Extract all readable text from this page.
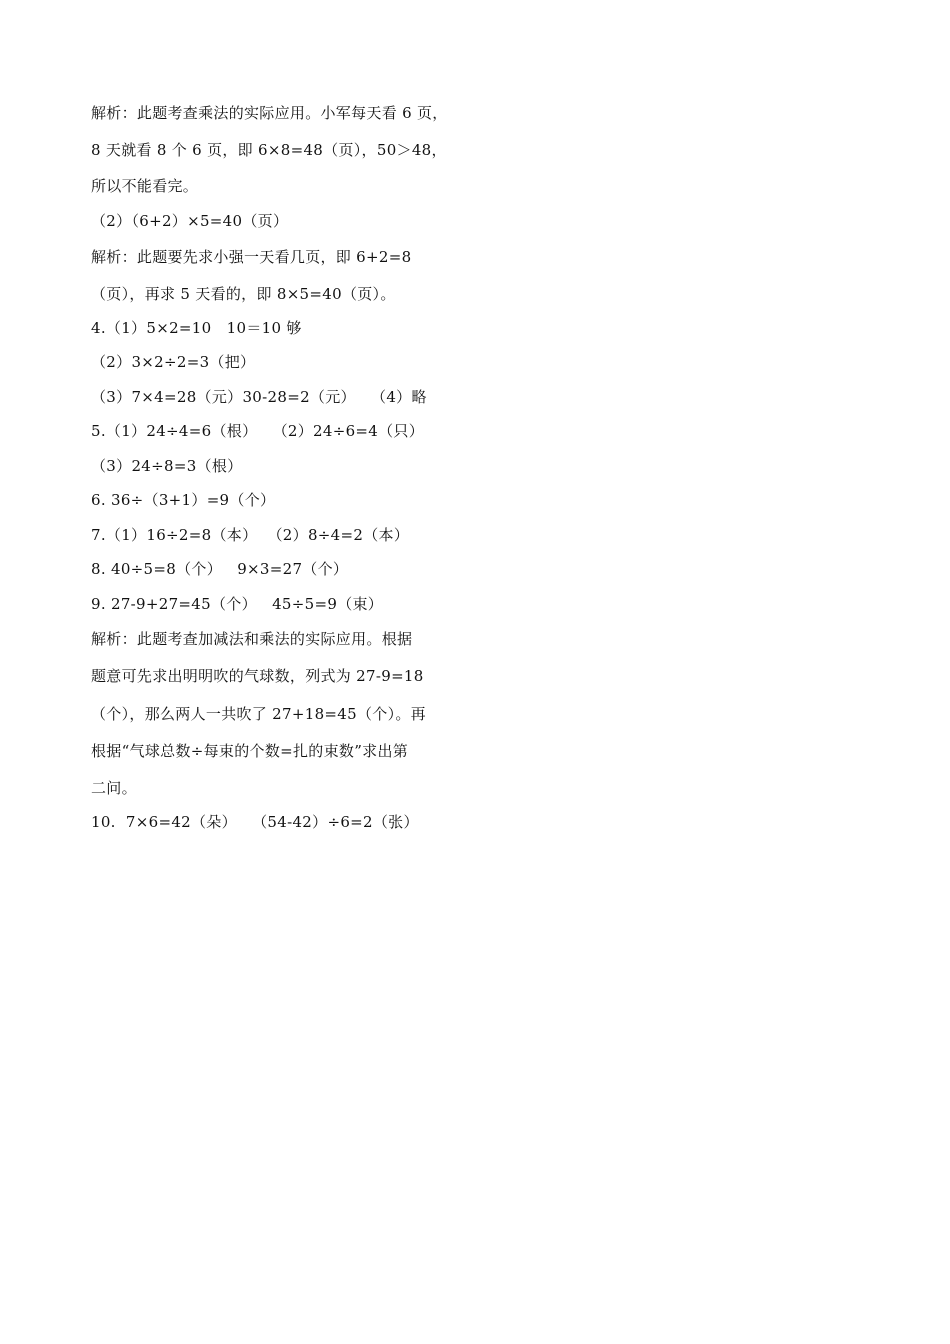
解析：此题考查乘法的实际应用。小军每天看 6 页，
8 天就看 8 个 6 页，即 6×8=48（页），50＞48，
所以不能看完。
（2）（6+2）×5=40（页）
解析：此题要先求小强一天看几页，即 6+2=8
（页），再求 5 天看的，即 8×5=40（页）。
4.（1）5×2=10   10＝10 够
（2）3×2÷2=3（把）
（3）7×4=28（元）30-28=2（元）   （4）略
5.（1）24÷4=6（根）   （2）24÷6=4（只）
（3）24÷8=3（根）
6. 36÷（3+1）=9（个）
7.（1）16÷2=8（本）  （2）8÷4=2（本）
8. 40÷5=8（个）   9×3=27（个）
9. 27-9+27=45（个）   45÷5=9（束）
解析：此题考查加减法和乘法的实际应用。根据
题意可先求出明明吹的气球数，列式为 27-9=18
（个），那么两人一共吹了 27+18=45（个）。再
根据“气球总数÷每束的个数=扎的束数”求出第
二问。
10.  7×6=42（朵）   （54-42）÷6=2（张）
